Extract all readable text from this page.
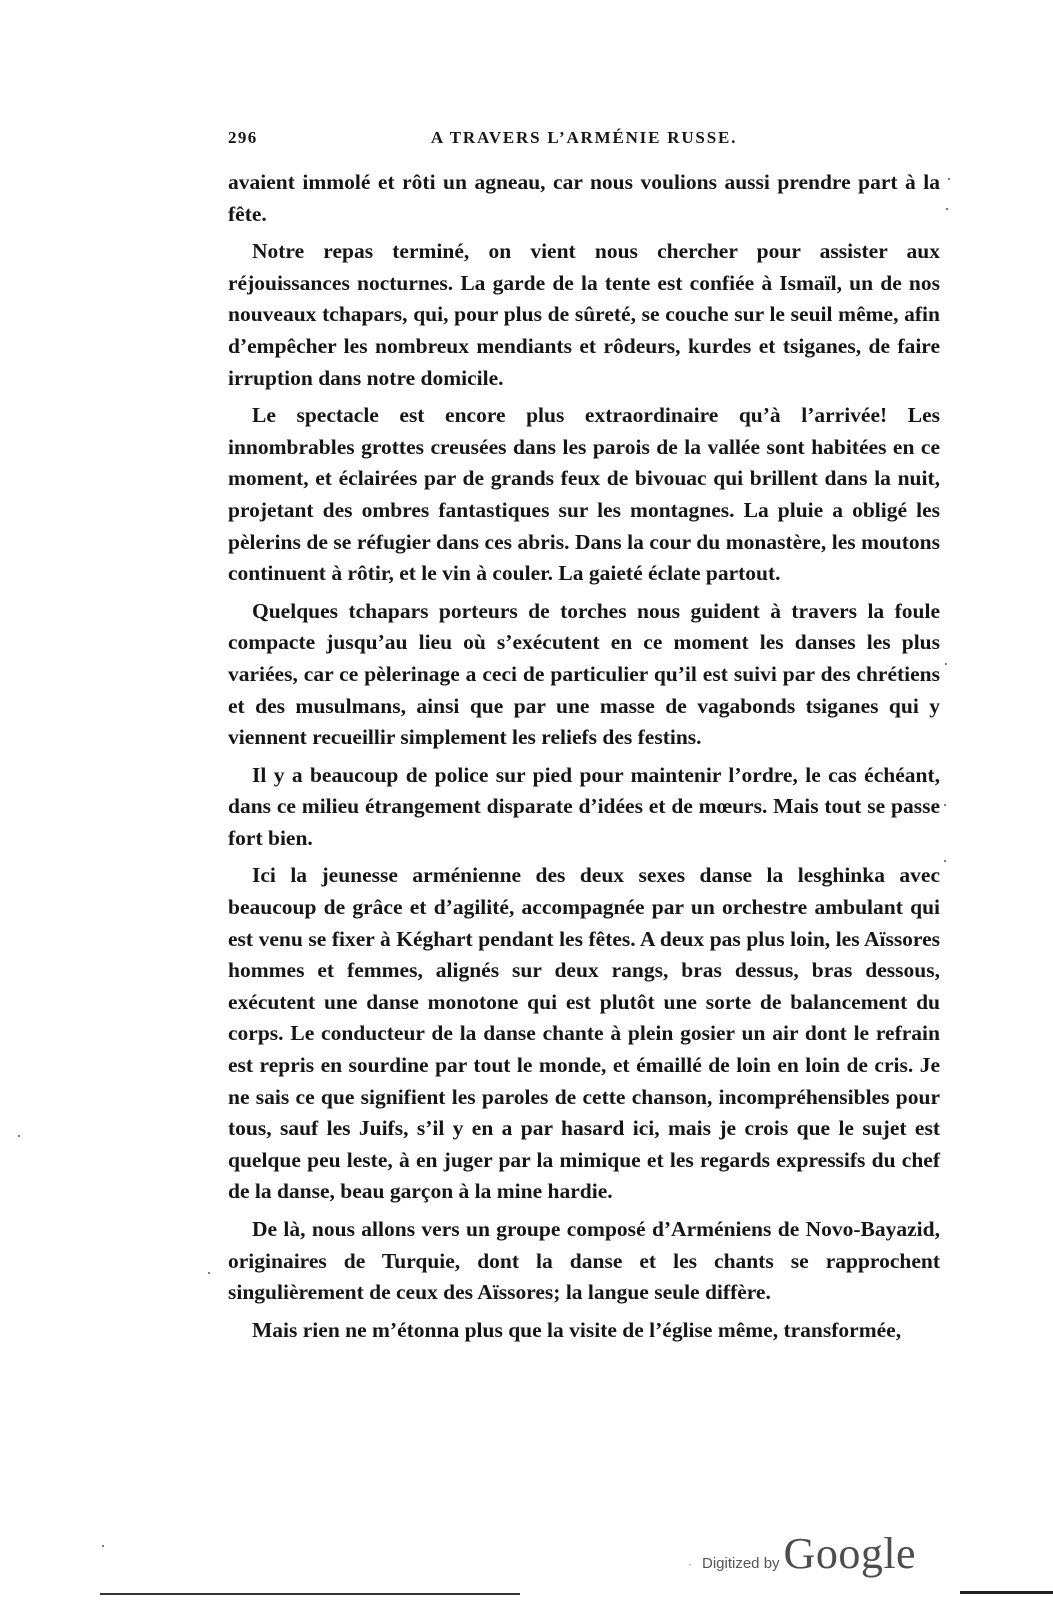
296	A TRAVERS L’ARMÉNIE RUSSE.

avaient immolé et rôti un agneau, car nous voulions aussi prendre part à la fête.

Notre repas terminé, on vient nous chercher pour assister aux réjouissances nocturnes. La garde de la tente est confiée à Ismaïl, un de nos nouveaux tchapars, qui, pour plus de sûreté, se couche sur le seuil même, afin d’empêcher les nombreux mendiants et rôdeurs, kurdes et tsiganes, de faire irruption dans notre domicile.

Le spectacle est encore plus extraordinaire qu’à l’arrivée! Les innombrables grottes creusées dans les parois de la vallée sont habitées en ce moment, et éclairées par de grands feux de bivouac qui brillent dans la nuit, projetant des ombres fantastiques sur les montagnes. La pluie a obligé les pèlerins de se réfugier dans ces abris. Dans la cour du monastère, les moutons continuent à rôtir, et le vin à couler. La gaieté éclate partout.

Quelques tchapars porteurs de torches nous guident à travers la foule compacte jusqu’au lieu où s’exécutent en ce moment les danses les plus variées, car ce pèlerinage a ceci de particulier qu’il est suivi par des chrétiens et des musulmans, ainsi que par une masse de vagabonds tsiganes qui y viennent recueillir simplement les reliefs des festins.

Il y a beaucoup de police sur pied pour maintenir l’ordre, le cas échéant, dans ce milieu étrangement disparate d’idées et de mœurs. Mais tout se passe fort bien.

Ici la jeunesse arménienne des deux sexes danse la lesghinka avec beaucoup de grâce et d’agilité, accompagnée par un orchestre ambulant qui est venu se fixer à Kéghart pendant les fêtes. A deux pas plus loin, les Aïssores hommes et femmes, alignés sur deux rangs, bras dessus, bras dessous, exécutent une danse monotone qui est plutôt une sorte de balancement du corps. Le conducteur de la danse chante à plein gosier un air dont le refrain est repris en sourdine par tout le monde, et émaillé de loin en loin de cris. Je ne sais ce que signifient les paroles de cette chanson, incompréhensibles pour tous, sauf les Juifs, s’il y en a par hasard ici, mais je crois que le sujet est quelque peu leste, à en juger par la mimique et les regards expressifs du chef de la danse, beau garçon à la mine hardie.

De là, nous allons vers un groupe composé d’Arméniens de Novo-Bayazid, originaires de Turquie, dont la danse et les chants se rapprochent singulièrement de ceux des Aïssores; la langue seule diffère.

Mais rien ne m’étonna plus que la visite de l’église même, transformée,

· Digitized by Google
